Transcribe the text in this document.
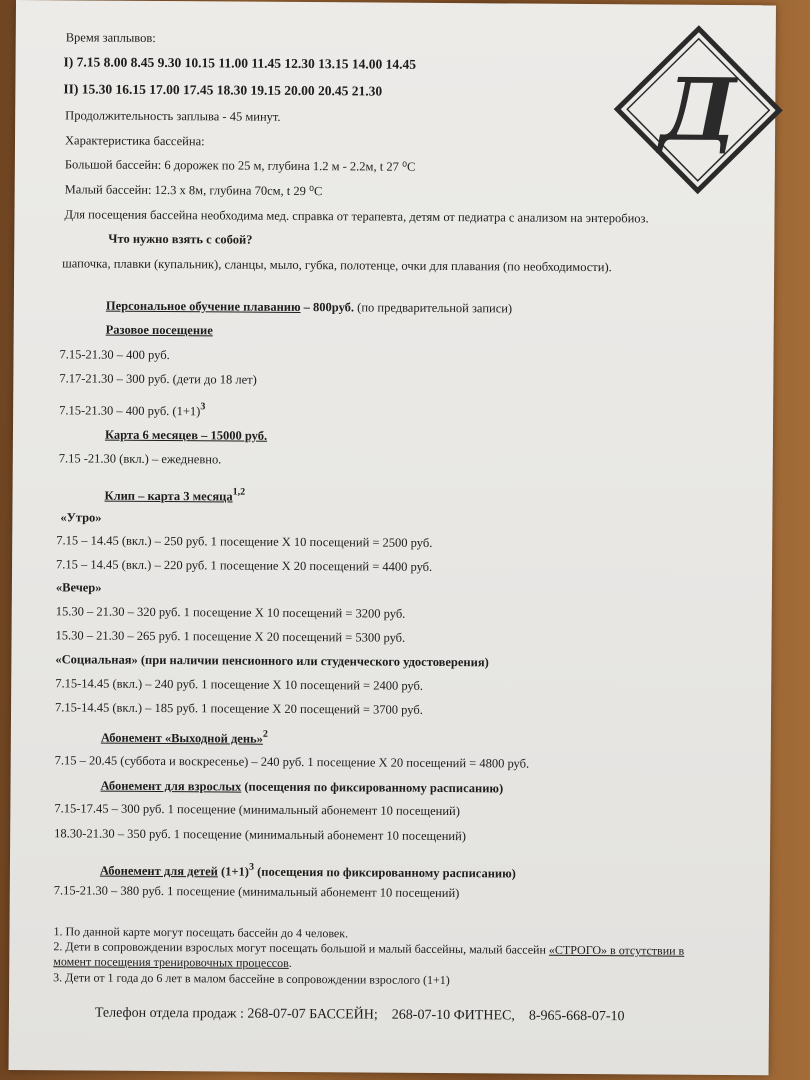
Д
Время заплывов:
I) 7.15 8.00 8.45 9.30 10.15 11.00 11.45 12.30 13.15 14.00 14.45
II) 15.30 16.15 17.00 17.45 18.30 19.15 20.00 20.45 21.30
Продолжительность заплыва - 45 минут.
Характеристика бассейна:
Большой бассейн: 6 дорожек по 25 м, глубина 1.2 м - 2.2м, t 27 ⁰C
Малый бассейн: 12.3 х 8м, глубина 70см, t 29 ⁰C
Для посещения бассейна необходима мед. справка от терапевта, детям от педиатра с анализом на энтеробиоз.
Что нужно взять с собой?
шапочка, плавки (купальник), сланцы, мыло, губка, полотенце, очки для плавания (по необходимости).
Персональное обучение плаванию – 800руб. (по предварительной записи)
Разовое посещение
7.15-21.30 – 400 руб.
7.17-21.30 – 300 руб. (дети до 18 лет)
7.15-21.30 – 400 руб. $(1+1)^3$
Карта 6 месяцев – 15000 руб.
7.15 -21.30 (вкл.) – ежедневно.
Клип – карта 3 месяца$^{1,2}$
«Утро»
7.15 – 14.45 (вкл.) – 250 руб. 1 посещение Х 10 посещений = 2500 руб.
7.15 – 14.45 (вкл.) – 220 руб. 1 посещение Х 20 посещений = 4400 руб.
«Вечер»
15.30 – 21.30 – 320 руб. 1 посещение Х 10 посещений = 3200 руб.
15.30 – 21.30 – 265 руб. 1 посещение Х 20 посещений = 5300 руб.
«Социальная» (при наличии пенсионного или студенческого удостоверения)
7.15-14.45 (вкл.) – 240 руб. 1 посещение Х 10 посещений = 2400 руб.
7.15-14.45 (вкл.) – 185 руб. 1 посещение Х 20 посещений = 3700 руб.
Абонемент «Выходной день»$^2$
7.15 – 20.45 (суббота и воскресенье) – 240 руб. 1 посещение Х 20 посещений = 4800 руб.
Абонемент для взрослых (посещения по фиксированному расписанию)
7.15-17.45 – 300 руб. 1 посещение (минимальный абонемент 10 посещений)
18.30-21.30 – 350 руб. 1 посещение (минимальный абонемент 10 посещений)
Абонемент для детей $(1+1)^3$ (посещения по фиксированному расписанию)
7.15-21.30 – 380 руб. 1 посещение (минимальный абонемент 10 посещений)
1. По данной карте могут посещать бассейн до 4 человек.
2. Дети в сопровождении взрослых могут посещать большой и малый бассейны, малый бассейн «СТРОГО» в отсутствии в
момент посещения тренировочных процессов.
3. Дети от 1 года до 6 лет в малом бассейне в сопровождении взрослого (1+1)
Телефон отдела продаж : 268-07-07 БАССЕЙН; 268-07-10 ФИТНЕС, 8-965-668-07-10
